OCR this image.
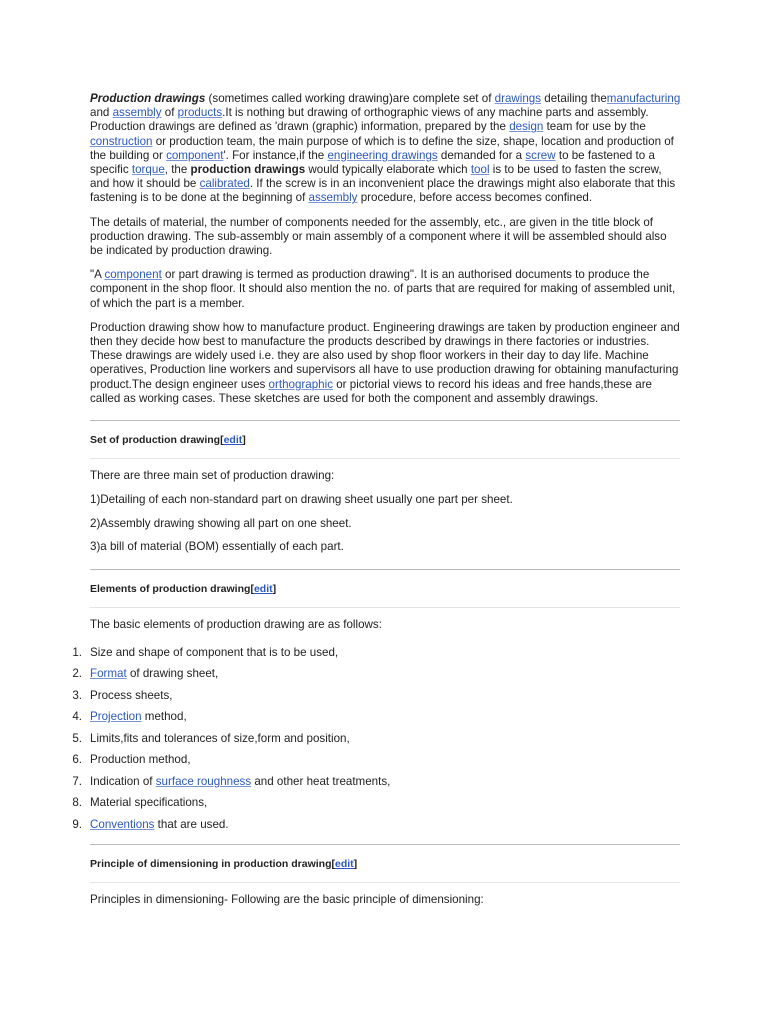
Production drawings (sometimes called working drawing)are complete set of drawings detailing themanufacturing and assembly of products.It is nothing but drawing of orthographic views of any machine parts and assembly. Production drawings are defined as 'drawn (graphic) information, prepared by the design team for use by the construction or production team, the main purpose of which is to define the size, shape, location and production of the building or component'. For instance,if the engineering drawings demanded for a screw to be fastened to a specific torque, the production drawings would typically elaborate which tool is to be used to fasten the screw, and how it should be calibrated. If the screw is in an inconvenient place the drawings might also elaborate that this fastening is to be done at the beginning of assembly procedure, before access becomes confined.

The details of material, the number of components needed for the assembly, etc., are given in the title block of production drawing. The sub-assembly or main assembly of a component where it will be assembled should also be indicated by production drawing.

"A component or part drawing is termed as production drawing". It is an authorised documents to produce the component in the shop floor. It should also mention the no. of parts that are required for making of assembled unit, of which the part is a member.

Production drawing show how to manufacture product. Engineering drawings are taken by production engineer and then they decide how best to manufacture the products described by drawings in there factories or industries. These drawings are widely used i.e. they are also used by shop floor workers in their day to day life. Machine operatives, Production line workers and supervisors all have to use production drawing for obtaining manufacturing product.The design engineer uses orthographic or pictorial views to record his ideas and free hands,these are called as working cases. These sketches are used for both the component and assembly drawings.

Set of production drawing[edit]

There are three main set of production drawing:

1)Detailing of each non-standard part on drawing sheet usually one part per sheet.

2)Assembly drawing showing all part on one sheet.

3)a bill of material (BOM) essentially of each part.

Elements of production drawing[edit]

The basic elements of production drawing are as follows:

1. Size and shape of component that is to be used,
2. Format of drawing sheet,
3. Process sheets,
4. Projection method,
5. Limits,fits and tolerances of size,form and position,
6. Production method,
7. Indication of surface roughness and other heat treatments,
8. Material specifications,
9. Conventions that are used.
Principle of dimensioning in production drawing[edit]

Principles in dimensioning- Following are the basic principle of dimensioning:
